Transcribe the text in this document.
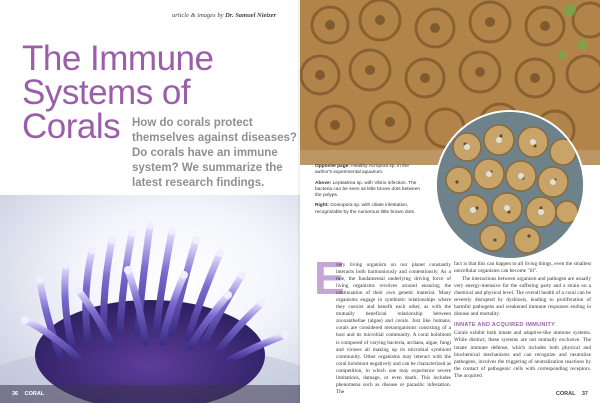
article & images by Dr. Samuel Nietzer
The Immune
Systems of Corals	How do corals protect themselves against diseases? Do corals have an immune system? We summarize the latest research findings.

36 CORAL

Opposite page: Healthy Acropora sp. in the author's experimental aquarium.

Above: Leptastrea sp. with Vibrio infection. The bacteria can be seen as little brown dots between the polyps.

Right: Goniopora sp. with ciliate infestation, recognizable by the numerous little brown dots.

E

very living organism on our planet constantly interacts both harmoniously and contentiously. As a rule, the fundamental underlying driving force of living organisms revolves around ensuring the continuation of their own genetic material. Many organisms engage in symbiotic relationships where they coexist and benefit each other, as with the mutually beneficial relationship between zooxanthellae (algae) and corals. Just like humans, corals are considered metaorganisms consisting of a host and its microbial community. A coral holobiont is composed of varying bacteria, archaea, algae, fungi and viruses all making up its microbial symbiont community. Other organisms may interact with the coral holobiont negatively and can be characterized as competition, in which one may experience severe limitations, damage, or even death. This includes phenomena such as disease or parasitic infestation. The

fact is that this can happen to all living things, even the smallest unicellular organisms can become "ill".

The interactions between organism and pathogen are usually very energy-intensive for the suffering party and a strain on a chemical and physical level. The overall health of a coral can be severely disrupted by dysbiosis, leading to proliferation of harmful pathogens and weakened immune responses ending in disease and mortality.

INNATE AND ACQUIRED IMMUNITY

Corals exhibit both innate and adaptive-like immune systems. While distinct, these systems are not mutually exclusive. The innate immune defense, which includes both physical and biochemical mechanisms and can recognize and neutralize pathogens, involves the triggering of neutralization reactions by the contact of pathogenic cells with corresponding receptors. The acquired

CORAL 37
